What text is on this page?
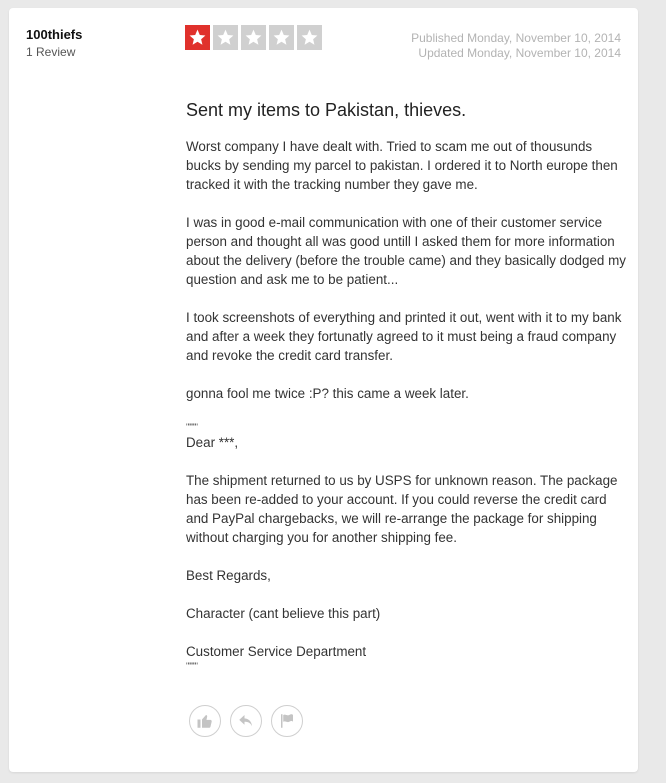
100thiefs
1 Review
Published Monday, November 10, 2014
Updated Monday, November 10, 2014
Sent my items to Pakistan, thieves.

Worst company I have dealt with. Tried to scam me out of thousunds bucks by sending my parcel to pakistan. I ordered it to North europe then tracked it with the tracking number they gave me.

I was in good e-mail communication with one of their customer service person and thought all was good untill I asked them for more information about the delivery (before the trouble came) and they basically dodged my question and ask me to be patient...

I took screenshots of everything and printed it out, went with it to my bank and after a week they fortunatly agreed to it must being a fraud company and revoke the credit card transfer.

gonna fool me twice :P? this came a week later.

"""""

Dear ***,

The shipment returned to us by USPS for unknown reason. The package has been re-added to your account. If you could reverse the credit card and PayPal chargebacks, we will re-arrange the package for shipping without charging you for another shipping fee.

Best Regards,

Character (cant believe this part)

Customer Service Department

"""""
